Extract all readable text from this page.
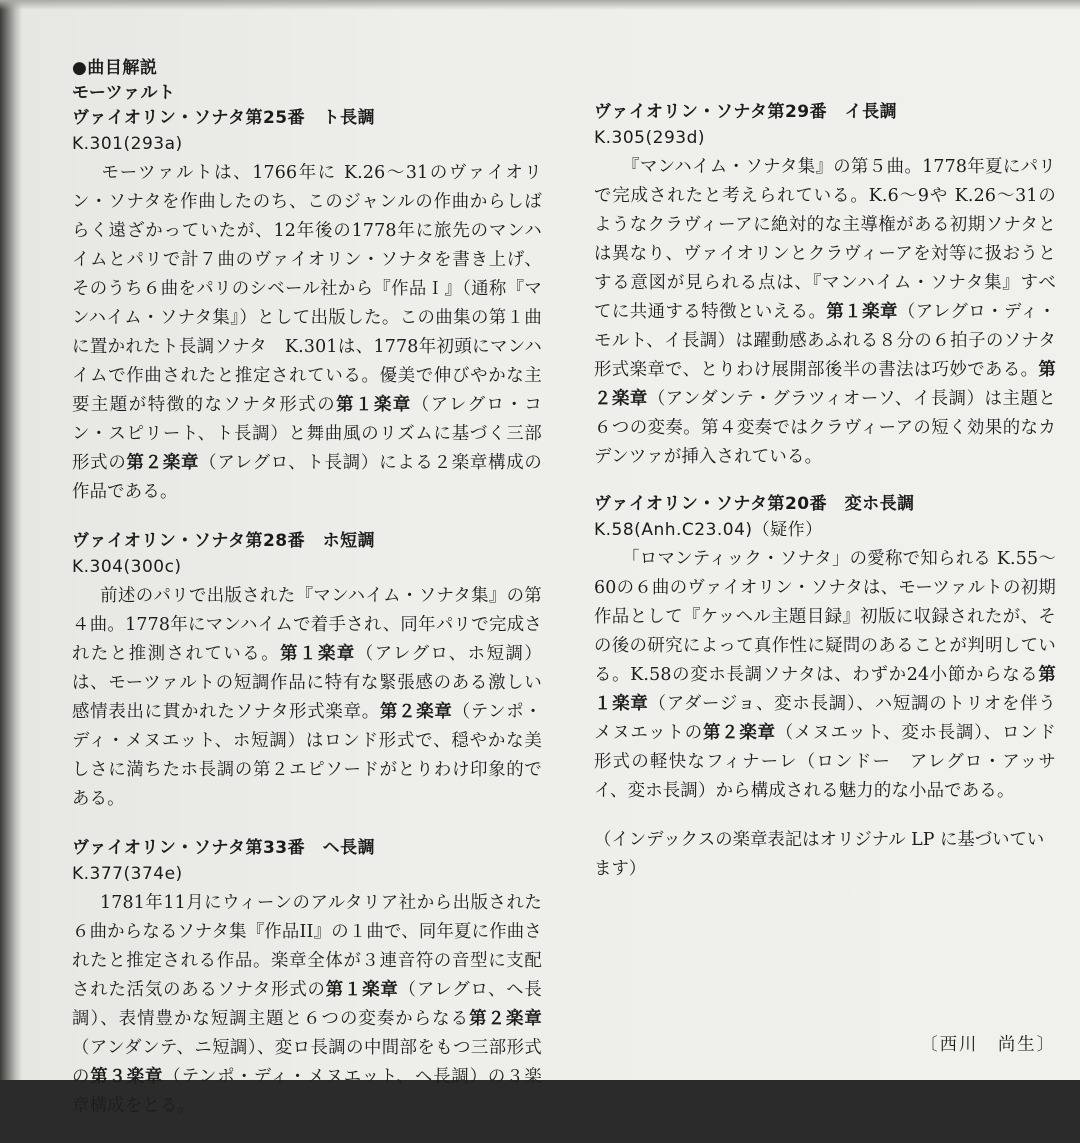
●曲目解説

モーツァルト

ヴァイオリン・ソナタ第25番　ト長調

K.301(293a)

モーツァルトは、1766年に K.26～31のヴァイオリン・ソナタを作曲したのち、このジャンルの作曲からしばらく遠ざかっていたが、12年後の1778年に旅先のマンハイムとパリで計７曲のヴァイオリン・ソナタを書き上げ、そのうち６曲をパリのシベール社から『作品Ｉ』（通称『マンハイム・ソナタ集』）として出版した。この曲集の第１曲に置かれたト長調ソナタ　K.301は、1778年初頭にマンハイムで作曲されたと推定されている。優美で伸びやかな主要主題が特徴的なソナタ形式の第１楽章（アレグロ・コン・スピリート、ト長調）と舞曲風のリズムに基づく三部形式の第２楽章（アレグロ、ト長調）による２楽章構成の作品である。

ヴァイオリン・ソナタ第28番　ホ短調

K.304(300c)

前述のパリで出版された『マンハイム・ソナタ集』の第４曲。1778年にマンハイムで着手され、同年パリで完成されたと推測されている。第１楽章（アレグロ、ホ短調）は、モーツァルトの短調作品に特有な緊張感のある激しい感情表出に貫かれたソナタ形式楽章。第２楽章（テンポ・ディ・メヌエット、ホ短調）はロンド形式で、穏やかな美しさに満ちたホ長調の第２エピソードがとりわけ印象的である。

ヴァイオリン・ソナタ第33番　ヘ長調

K.377(374e)

1781年11月にウィーンのアルタリア社から出版された６曲からなるソナタ集『作品II』の１曲で、同年夏に作曲されたと推定される作品。楽章全体が３連音符の音型に支配された活気のあるソナタ形式の第１楽章（アレグロ、ヘ長調）、表情豊かな短調主題と６つの変奏からなる第２楽章（アンダンテ、ニ短調）、変ロ長調の中間部をもつ三部形式の第３楽章（テンポ・ディ・メヌエット、ヘ長調）の３楽章構成をとる。

ヴァイオリン・ソナタ第29番　イ長調

K.305(293d)

『マンハイム・ソナタ集』の第５曲。1778年夏にパリで完成されたと考えられている。K.6～9や K.26～31のようなクラヴィーアに絶対的な主導権がある初期ソナタとは異なり、ヴァイオリンとクラヴィーアを対等に扱おうとする意図が見られる点は、『マンハイム・ソナタ集』すべてに共通する特徴といえる。第１楽章（アレグロ・ディ・モルト、イ長調）は躍動感あふれる８分の６拍子のソナタ形式楽章で、とりわけ展開部後半の書法は巧妙である。第２楽章（アンダンテ・グラツィオーソ、イ長調）は主題と６つの変奏。第４変奏ではクラヴィーアの短く効果的なカデンツァが挿入されている。

ヴァイオリン・ソナタ第20番　変ホ長調

K.58(Anh.C23.04)（疑作）

「ロマンティック・ソナタ」の愛称で知られる K.55～60の６曲のヴァイオリン・ソナタは、モーツァルトの初期作品として『ケッヘル主題目録』初版に収録されたが、その後の研究によって真作性に疑問のあることが判明している。K.58の変ホ長調ソナタは、わずか24小節からなる第１楽章（アダージョ、変ホ長調）、ハ短調のトリオを伴うメヌエットの第２楽章（メヌエット、変ホ長調）、ロンド形式の軽快なフィナーレ（ロンドー　アレグロ・アッサイ、変ホ長調）から構成される魅力的な小品である。

（インデックスの楽章表記はオリジナル LP に基づいています）

〔西川　尚生〕
